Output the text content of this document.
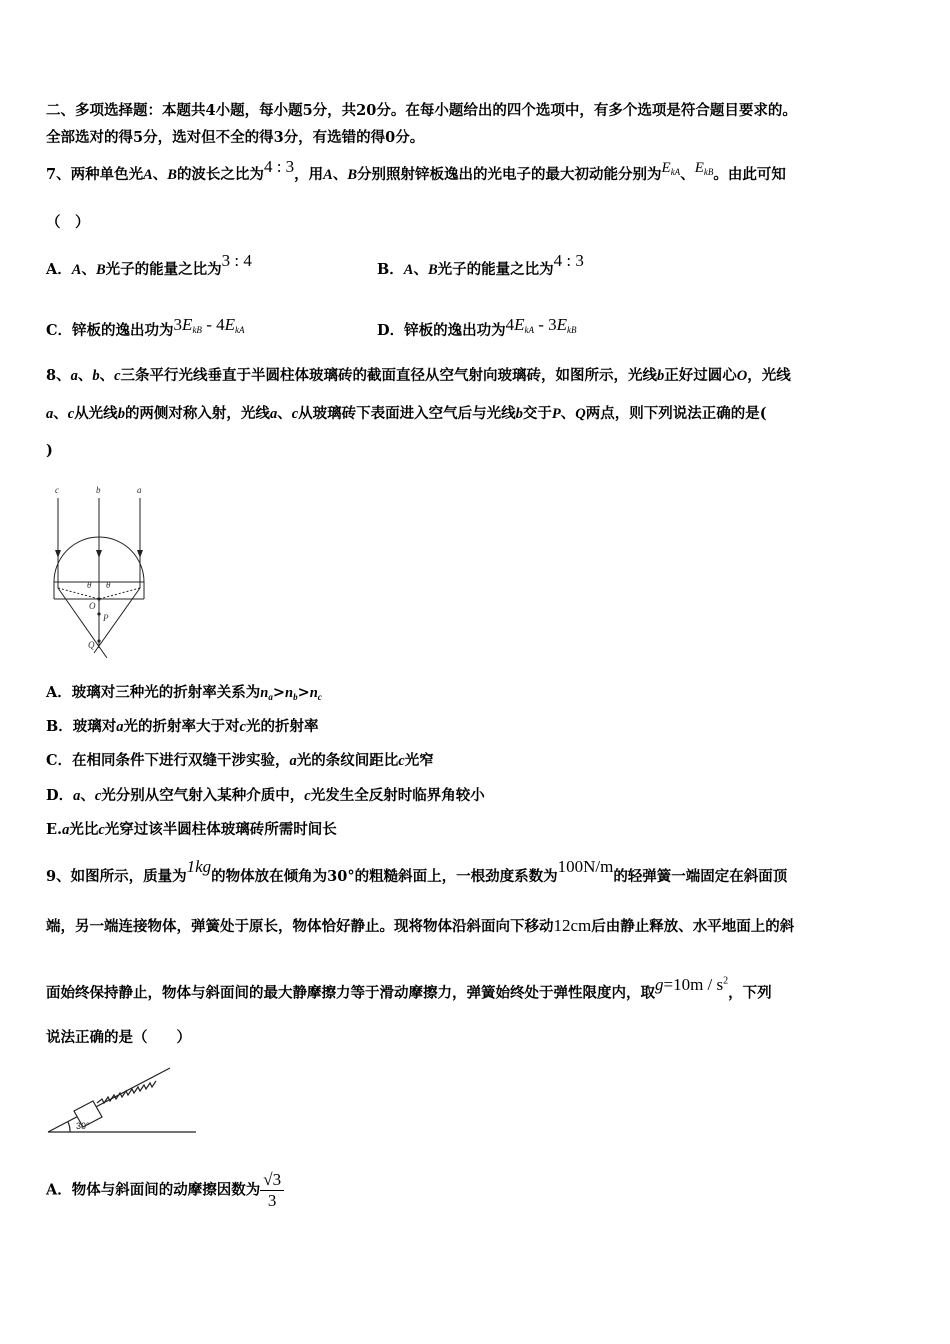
二、多项选择题：本题共4小题，每小题5分，共20分。在每小题给出的四个选项中，有多个选项是符合题目要求的。
全部选对的得5分，选对但不全的得3分，有选错的得0分。
7、两种单色光A、B的波长之比为4 : 3，用A、B分别照射锌板逸出的光电子的最大初动能分别为$E_{kA}$、$E_{kB}$。由此可知
（　）
A．A、B光子的能量之比为3 : 4	B．A、B光子的能量之比为4 : 3
C．锌板的逸出功为$3E_{kB} - 4E_{kA}$	D．锌板的逸出功为$4E_{kA} - 3E_{kB}$
8、a、b、c三条平行光线垂直于半圆柱体玻璃砖的截面直径从空气射向玻璃砖，如图所示，光线b正好过圆心O，光线
a、c从光线b的两侧对称入射，光线a、c从玻璃砖下表面进入空气后与光线b交于P、Q两点，则下列说法正确的是(
)
c	b	a
θ θ
O
P
Q
A．玻璃对三种光的折射率关系为$n_a>n_b>n_c$
B．玻璃对a光的折射率大于对c光的折射率
C．在相同条件下进行双缝干涉实验，a光的条纹间距比c光窄
D．a、c光分别从空气射入某种介质中，c光发生全反射时临界角较小
E.a光比c光穿过该半圆柱体玻璃砖所需时间长
9、如图所示，质量为1kg的物体放在倾角为30°的粗糙斜面上，一根劲度系数为100N/m的轻弹簧一端固定在斜面顶
端，另一端连接物体，弹簧处于原长，物体恰好静止。现将物体沿斜面向下移动12cm后由静止释放、水平地面上的斜
面始终保持静止，物体与斜面间的最大静摩擦力等于滑动摩擦力，弹簧始终处于弹性限度内，取$g=10m / s^2$，下列
说法正确的是（　　）
30°
A．物体与斜面间的动摩擦因数为 $\frac{√3}{3}$
